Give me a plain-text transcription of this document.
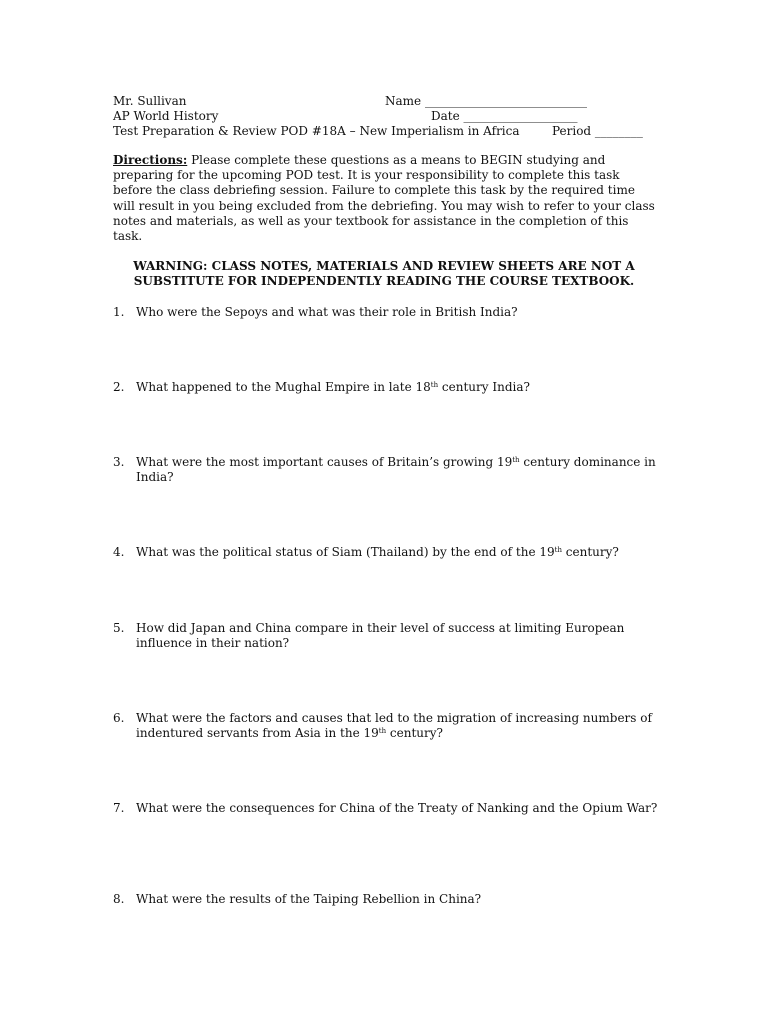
Mr. Sullivan	Name ___________________________
AP World History	Date ___________________
Test Preparation & Review POD #18A – New Imperialism in Africa	Period ________
Directions: Please complete these questions as a means to BEGIN studying and preparing for the upcoming POD test. It is your responsibility to complete this task before the class debriefing session. Failure to complete this task by the required time will result in you being excluded from the debriefing. You may wish to refer to your class notes and materials, as well as your textbook for assistance in the completion of this task.
WARNING: CLASS NOTES, MATERIALS AND REVIEW SHEETS ARE NOT A
SUBSTITUTE FOR INDEPENDENTLY READING THE COURSE TEXTBOOK.
1. Who were the Sepoys and what was their role in British India?
2. What happened to the Mughal Empire in late 18th century India?
3. What were the most important causes of Britain’s growing 19th century dominance in India?
4. What was the political status of Siam (Thailand) by the end of the 19th century?
5. How did Japan and China compare in their level of success at limiting European influence in their nation?
6. What were the factors and causes that led to the migration of increasing numbers of indentured servants from Asia in the 19th century?
7. What were the consequences for China of the Treaty of Nanking and the Opium War?
8. What were the results of the Taiping Rebellion in China?
